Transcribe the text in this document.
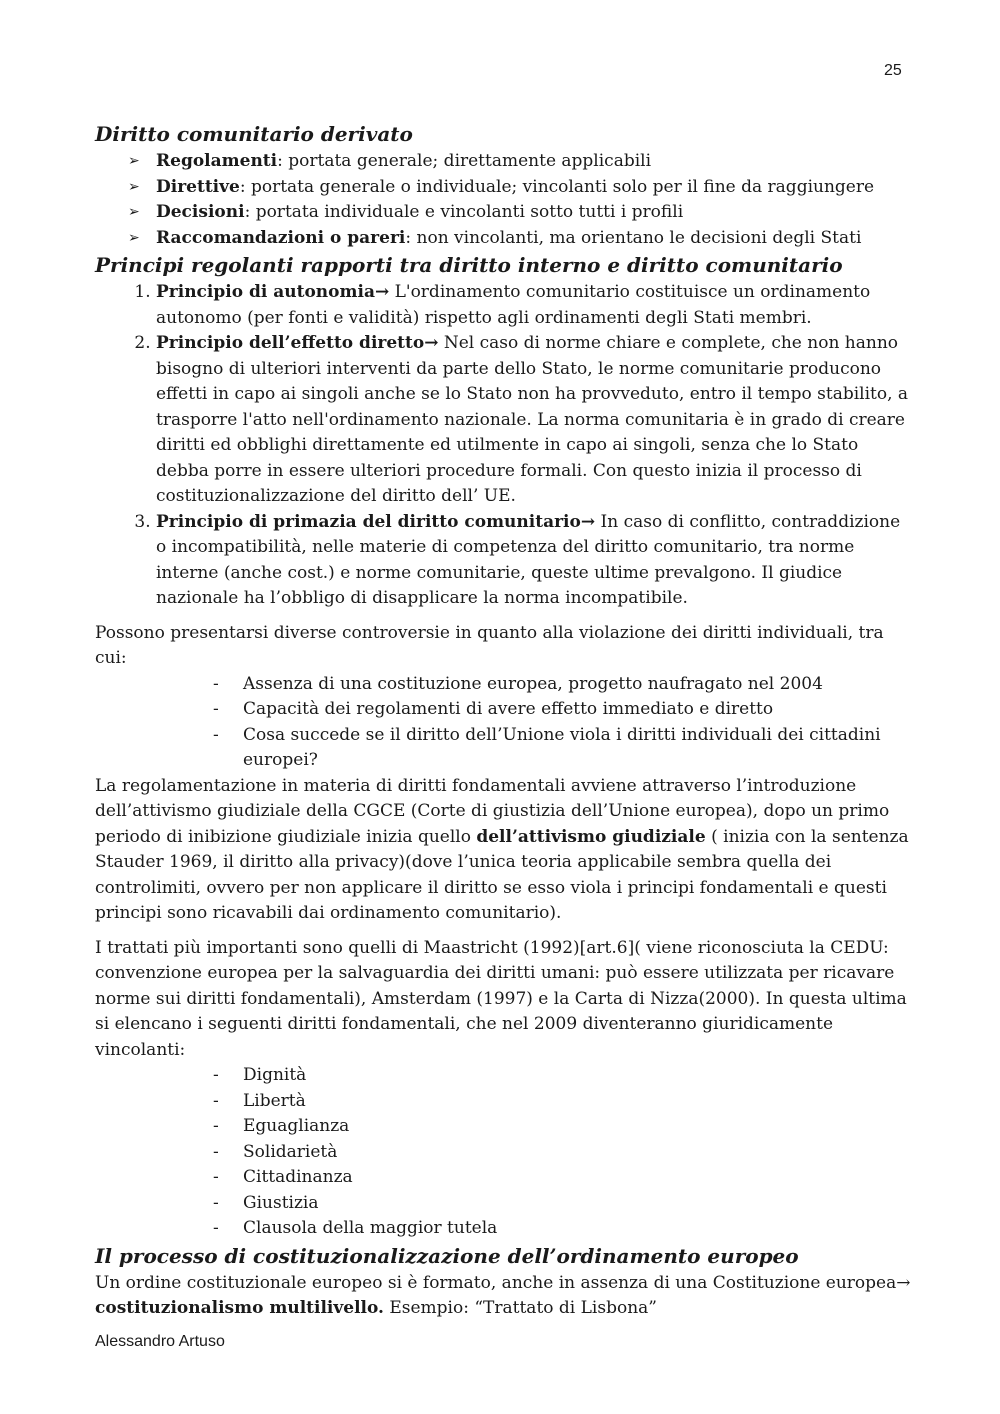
25
Diritto comunitario derivato
➢ Regolamenti: portata generale; direttamente applicabili
➢ Direttive: portata generale o individuale; vincolanti solo per il fine da raggiungere
➢ Decisioni: portata individuale e vincolanti sotto tutti i profili
➢ Raccomandazioni o pareri: non vincolanti, ma orientano le decisioni degli Stati
Principi regolanti rapporti tra diritto interno e diritto comunitario
1. Principio di autonomia→ L'ordinamento comunitario costituisce un ordinamento autonomo (per fonti e validità) rispetto agli ordinamenti degli Stati membri.
2. Principio dell’effetto diretto→ Nel caso di norme chiare e complete, che non hanno bisogno di ulteriori interventi da parte dello Stato, le norme comunitarie producono effetti in capo ai singoli anche se lo Stato non ha provveduto, entro il tempo stabilito, a trasporre l'atto nell'ordinamento nazionale. La norma comunitaria è in grado di creare diritti ed obblighi direttamente ed utilmente in capo ai singoli, senza che lo Stato debba porre in essere ulteriori procedure formali. Con questo inizia il processo di costituzionalizzazione del diritto dell’ UE.
3. Principio di primazia del diritto comunitario→ In caso di conflitto, contraddizione o incompatibilità, nelle materie di competenza del diritto comunitario, tra norme interne (anche cost.) e norme comunitarie, queste ultime prevalgono. Il giudice nazionale ha l’obbligo di disapplicare la norma incompatibile.

Possono presentarsi diverse controversie in quanto alla violazione dei diritti individuali, tra cui:

- Assenza di una costituzione europea, progetto naufragato nel 2004
- Capacità dei regolamenti di avere effetto immediato e diretto
- Cosa succede se il diritto dell’Unione viola i diritti individuali dei cittadini europei?

La regolamentazione in materia di diritti fondamentali avviene attraverso l’introduzione dell’attivismo giudiziale della CGCE (Corte di giustizia dell’Unione europea), dopo un primo periodo di inibizione giudiziale inizia quello dell’attivismo giudiziale ( inizia con la sentenza Stauder 1969, il diritto alla privacy)(dove l’unica teoria applicabile sembra quella dei controlimiti, ovvero per non applicare il diritto se esso viola i principi fondamentali e questi principi sono ricavabili dai ordinamento comunitario).

I trattati più importanti sono quelli di Maastricht (1992)[art.6]( viene riconosciuta la CEDU: convenzione europea per la salvaguardia dei diritti umani: può essere utilizzata per ricavare norme sui diritti fondamentali), Amsterdam (1997) e la Carta di Nizza(2000). In questa ultima si elencano i seguenti diritti fondamentali, che nel 2009 diventeranno giuridicamente vincolanti:

- Dignità
- Libertà
- Eguaglianza
- Solidarietà
- Cittadinanza
- Giustizia
- Clausola della maggior tutela
Il processo di costituzionalizzazione dell’ordinamento europeo

Un ordine costituzionale europeo si è formato, anche in assenza di una Costituzione europea→ costituzionalismo multilivello. Esempio: “Trattato di Lisbona”

Alessandro Artuso
